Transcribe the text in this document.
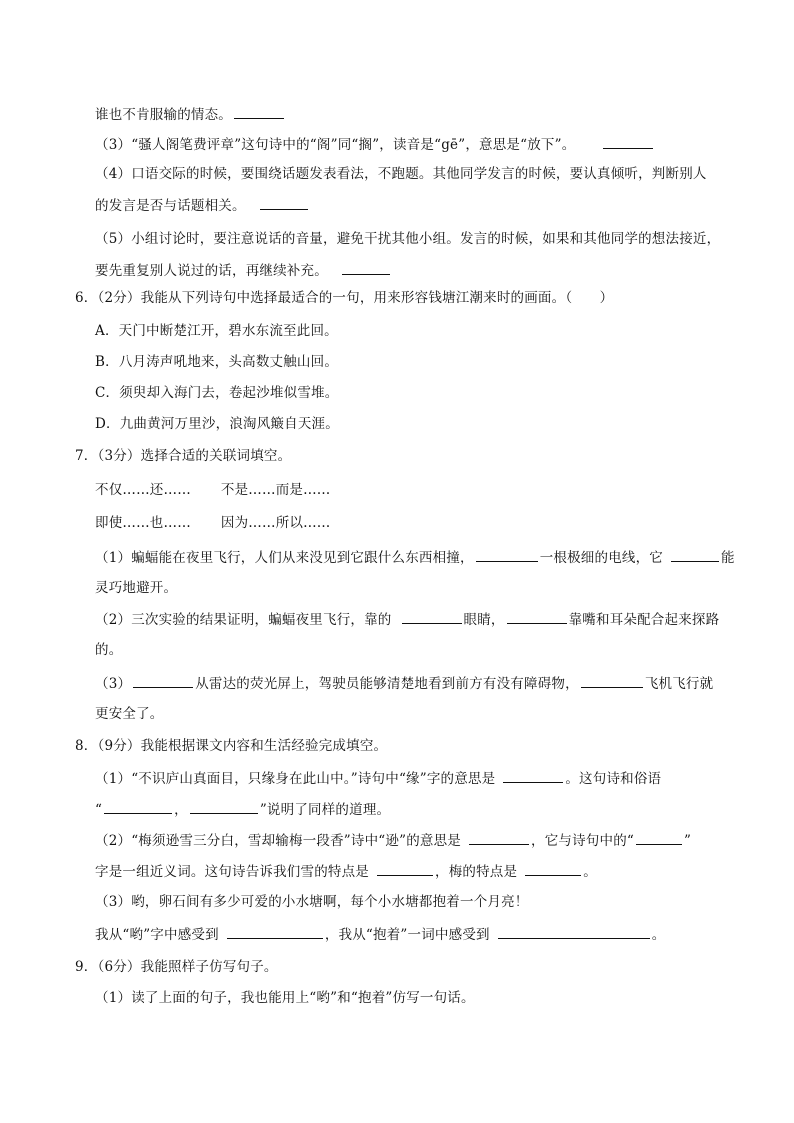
谁也不肯服输的情态。
（3）“骚人阁笔费评章”这句诗中的“阁”同“搁”，读音是“gē”，意思是“放下”。
（4）口语交际的时候，要围绕话题发表看法，不跑题。其他同学发言的时候，要认真倾听，判断别人
的发言是否与话题相关。
（5）小组讨论时，要注意说话的音量，避免干扰其他小组。发言的时候，如果和其他同学的想法接近，
要先重复别人说过的话，再继续补充。
6．（2分）我能从下列诗句中选择最适合的一句，用来形容钱塘江潮来时的画面。（　　）
A．天门中断楚江开，碧水东流至此回。
B．八月涛声吼地来，头高数丈触山回。
C．须臾却入海门去，卷起沙堆似雪堆。
D．九曲黄河万里沙，浪淘风簸自天涯。
7．（3分）选择合适的关联词填空。
不仅……还…… 不是……而是……
即使……也…… 因为……所以……
（1）蝙蝠能在夜里飞行，人们从来没见到它跟什么东西相撞，	一根极细的电线，它	能
灵巧地避开。
（2）三次实验的结果证明，蝙蝠夜里飞行，靠的	眼睛，	靠嘴和耳朵配合起来探路
的。
（3）	从雷达的荧光屏上，驾驶员能够清楚地看到前方有没有障碍物，	飞机飞行就
更安全了。
8．（9分）我能根据课文内容和生活经验完成填空。
（1）“不识庐山真面目，只缘身在此山中。”诗句中“缘”字的意思是	。这句诗和俗语
“	，	”说明了同样的道理。
（2）“梅须逊雪三分白，雪却输梅一段香”诗中“逊”的意思是	，它与诗句中的“	”
字是一组近义词。这句诗告诉我们雪的特点是	，梅的特点是	。
（3）哟，卵石间有多少可爱的小水塘啊，每个小水塘都抱着一个月亮！
我从“哟”字中感受到	，我从“抱着”一词中感受到	。
9．（6分）我能照样子仿写句子。
（1）读了上面的句子，我也能用上“哟”和“抱着”仿写一句话。
